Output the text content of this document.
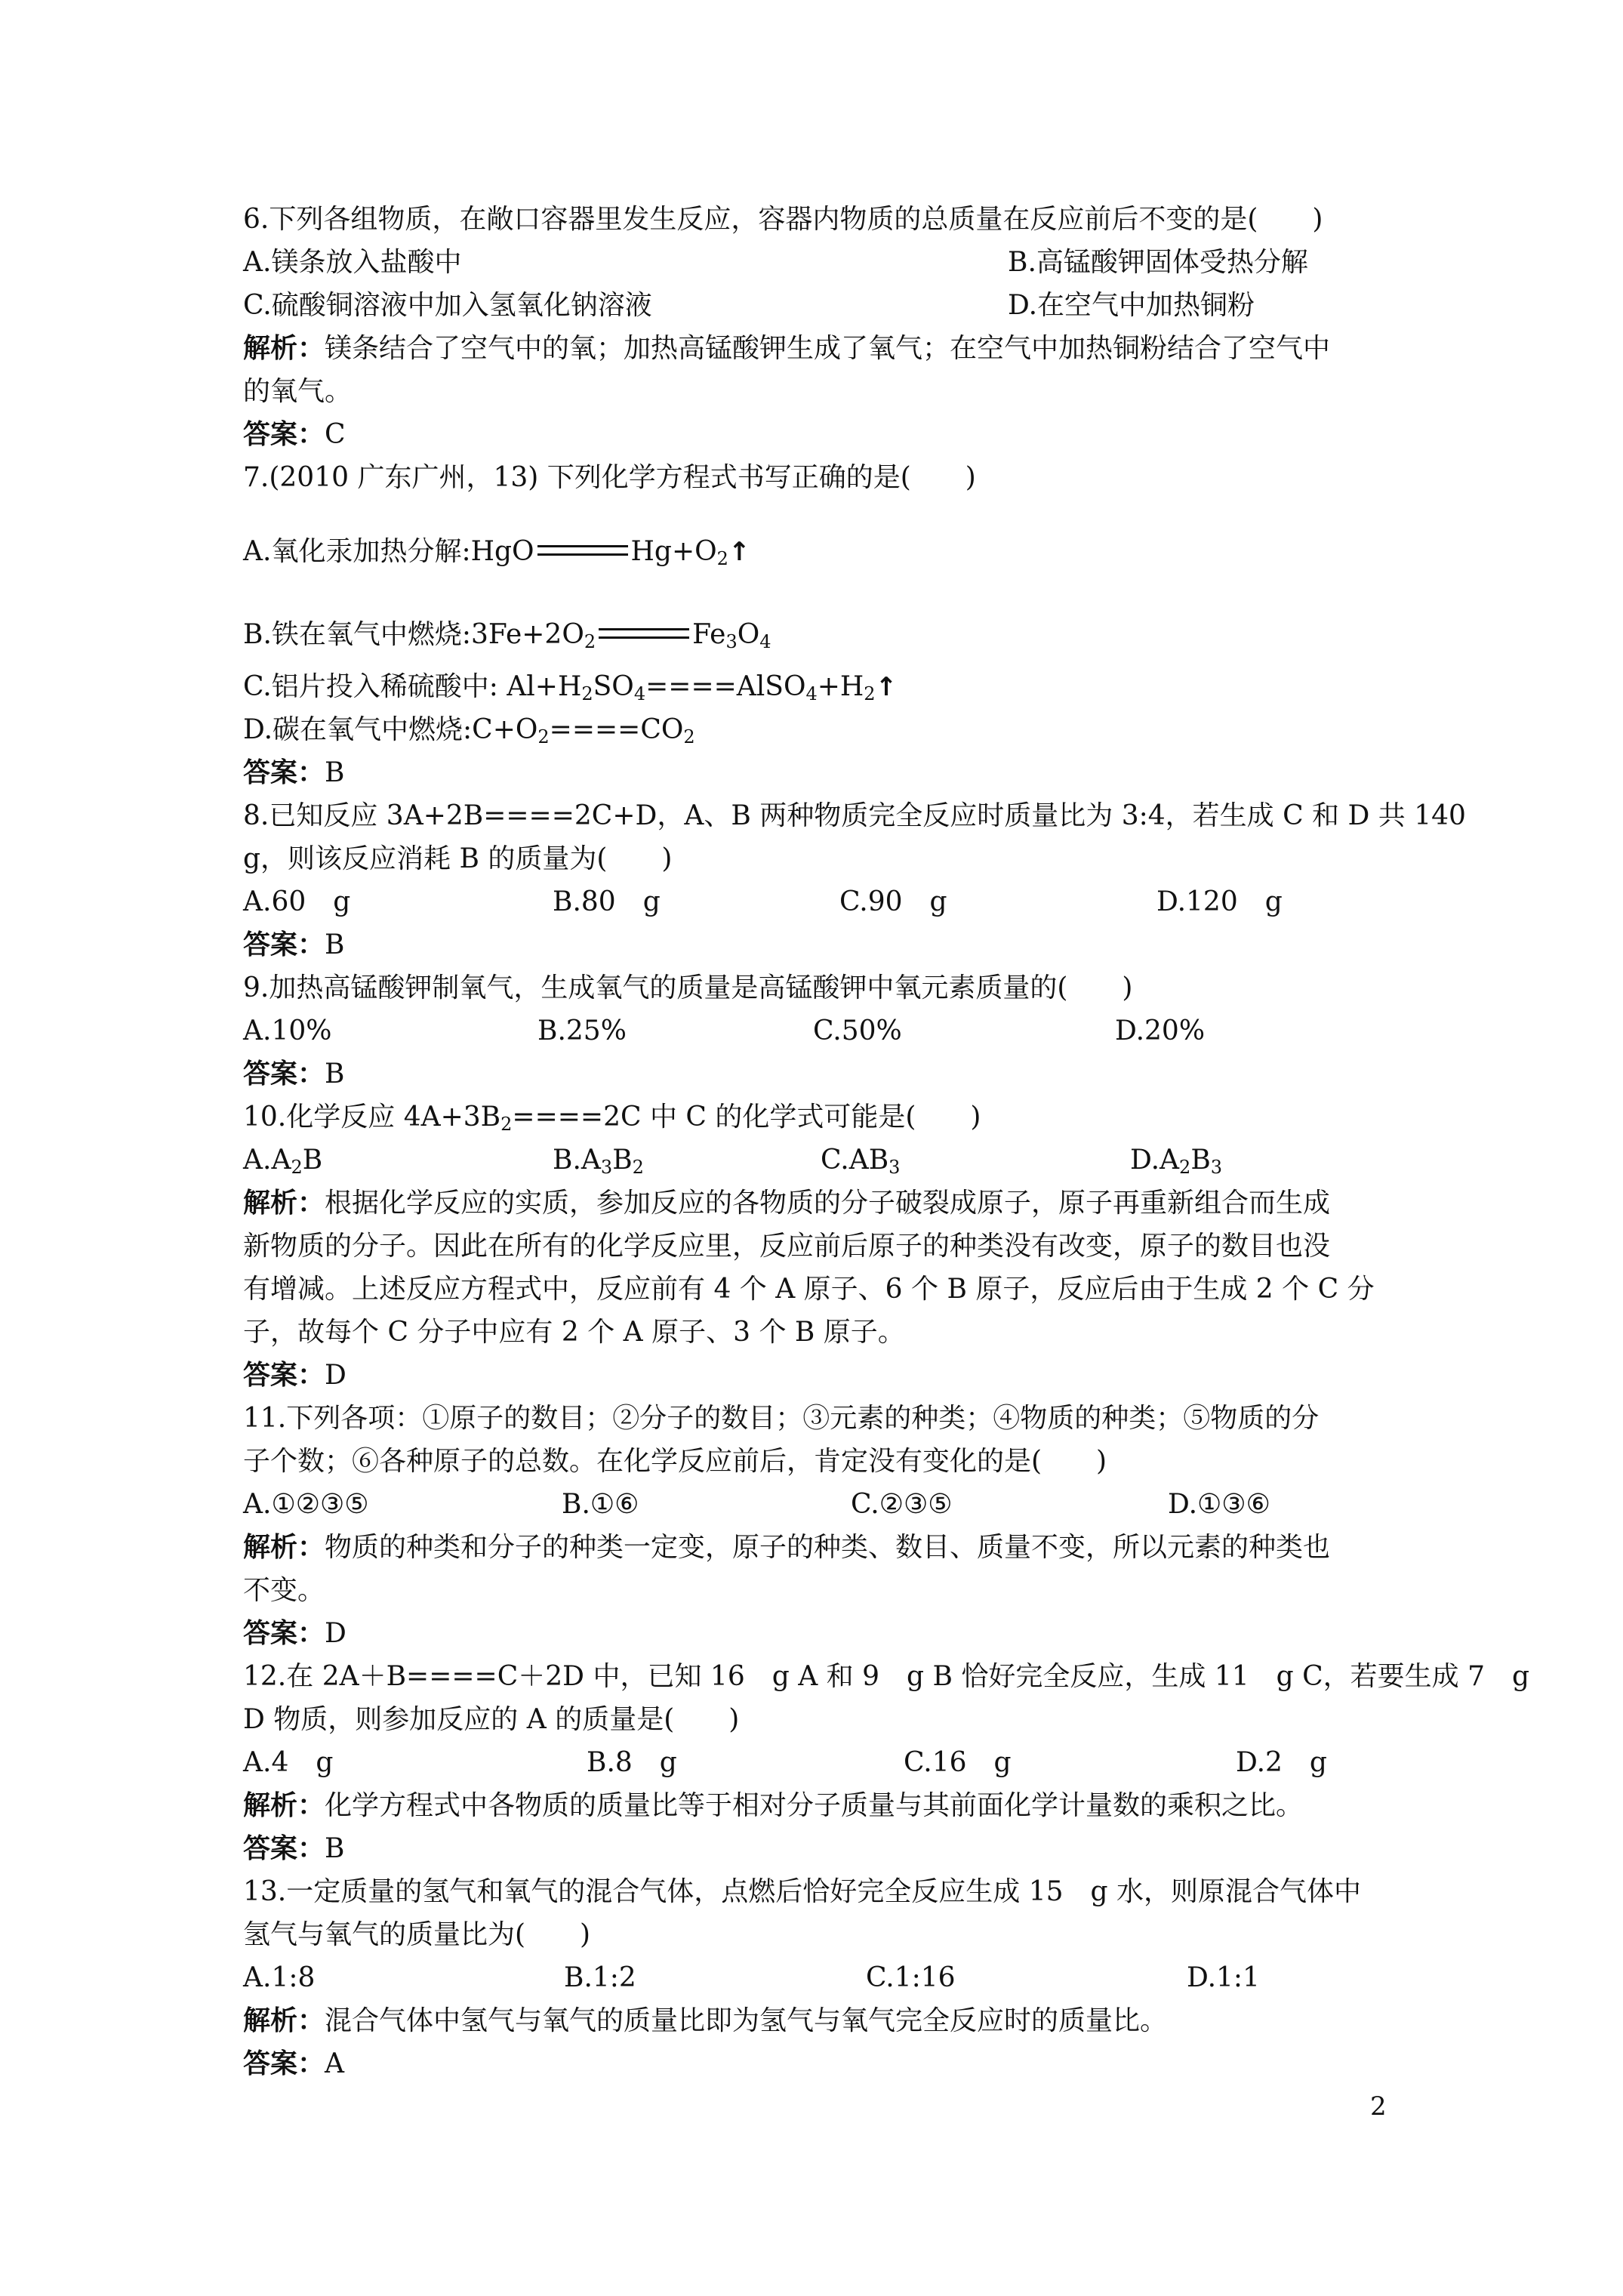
6.下列各组物质，在敞口容器里发生反应，容器内物质的总质量在反应前后不变的是(　　)
A.镁条放入盐酸中	B.高锰酸钾固体受热分解
C.硫酸铜溶液中加入氢氧化钠溶液	D.在空气中加热铜粉
解析：镁条结合了空气中的氧；加热高锰酸钾生成了氧气；在空气中加热铜粉结合了空气中
的氧气。
答案：C
7.(2010 广东广州，13) 下列化学方程式书写正确的是(　　)
A.氧化汞加热分解:HgO	$Hg+O_2↑$
B.铁在氧气中燃烧$:3Fe+2O_2$	$Fe_3O_4$
C.铝片投入稀硫酸中: $Al+H_2SO_4====AlSO_4+H_2↑$
D.碳在氧气中燃烧$:C+O_2====CO_2$
答案：B
8.已知反应 3A+2B====2C+D，A、B 两种物质完全反应时质量比为 3:4，若生成 C 和 D 共 140
g，则该反应消耗 B 的质量为(　　)
A.60　g	B.80　g	C.90　g	D.120　g
答案：B
9.加热高锰酸钾制氧气，生成氧气的质量是高锰酸钾中氧元素质量的(　　)
A.10%	B.25%	C.50%	D.20%
答案：B
10.化学反应 $4A+3B_2====2C$ 中 C 的化学式可能是(　　)
$A.A_2B$	$B.A_3B_2$	$C.AB_3$	$D.A_2B_3$
解析：根据化学反应的实质，参加反应的各物质的分子破裂成原子，原子再重新组合而生成
新物质的分子。因此在所有的化学反应里，反应前后原子的种类没有改变，原子的数目也没
有增减。上述反应方程式中，反应前有 4 个 A 原子、6 个 B 原子，反应后由于生成 2 个 C 分
子，故每个 C 分子中应有 2 个 A 原子、3 个 B 原子。
答案：D
11.下列各项：①原子的数目；②分子的数目；③元素的种类；④物质的种类；⑤物质的分
子个数；⑥各种原子的总数。在化学反应前后，肯定没有变化的是(　　)
A.①②③⑤	B.①⑥	C.②③⑤	D.①③⑥
解析：物质的种类和分子的种类一定变，原子的种类、数目、质量不变，所以元素的种类也
不变。
答案：D
12.在 2A＋B====C＋2D 中，已知 16　g A 和 9　g B 恰好完全反应，生成 11　g C，若要生成 7　g
D 物质，则参加反应的 A 的质量是(　　)
A.4　g	B.8　g	C.16　g	D.2　g
解析：化学方程式中各物质的质量比等于相对分子质量与其前面化学计量数的乘积之比。
答案：B
13.一定质量的氢气和氧气的混合气体，点燃后恰好完全反应生成 15　g 水，则原混合气体中
氢气与氧气的质量比为(　　)
A.1:8	B.1:2	C.1:16	D.1:1
解析：混合气体中氢气与氧气的质量比即为氢气与氧气完全反应时的质量比。
答案：A
2
